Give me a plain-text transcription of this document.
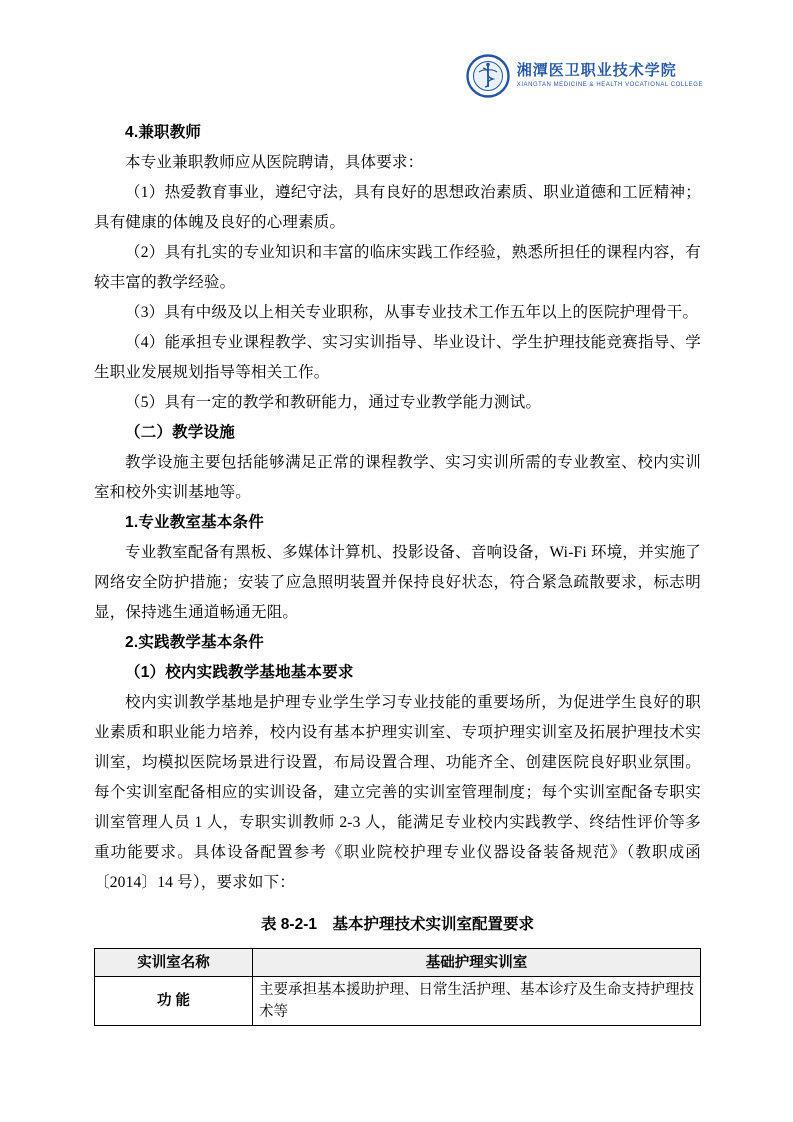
湘潭医卫职业技术学院
XIANGTAN MEDICINE & HEALTH VOCATIONAL COLLEGE

4.兼职教师

本专业兼职教师应从医院聘请，具体要求：

（1）热爱教育事业，遵纪守法，具有良好的思想政治素质、职业道德和工匠精神；具有健康的体魄及良好的心理素质。

（2）具有扎实的专业知识和丰富的临床实践工作经验，熟悉所担任的课程内容，有较丰富的教学经验。

（3）具有中级及以上相关专业职称，从事专业技术工作五年以上的医院护理骨干。

（4）能承担专业课程教学、实习实训指导、毕业设计、学生护理技能竞赛指导、学生职业发展规划指导等相关工作。

（5）具有一定的教学和教研能力，通过专业教学能力测试。

（二）教学设施

教学设施主要包括能够满足正常的课程教学、实习实训所需的专业教室、校内实训室和校外实训基地等。

1.专业教室基本条件

专业教室配备有黑板、多媒体计算机、投影设备、音响设备，Wi-Fi 环境，并实施了网络安全防护措施；安装了应急照明装置并保持良好状态，符合紧急疏散要求，标志明显，保持逃生通道畅通无阻。

2.实践教学基本条件

（1）校内实践教学基地基本要求

校内实训教学基地是护理专业学生学习专业技能的重要场所，为促进学生良好的职业素质和职业能力培养，校内设有基本护理实训室、专项护理实训室及拓展护理技术实训室，均模拟医院场景进行设置，布局设置合理、功能齐全、创建医院良好职业氛围。每个实训室配备相应的实训设备，建立完善的实训室管理制度；每个实训室配备专职实训室管理人员 1 人，专职实训教师 2-3 人，能满足专业校内实践教学、终结性评价等多重功能要求。具体设备配置参考《职业院校护理专业仪器设备装备规范》（教职成函〔2014〕14 号），要求如下：

表 8-2-1　基本护理技术实训室配置要求

实训室名称	基础护理实训室
功 能	主要承担基本援助护理、日常生活护理、基本诊疗及生命支持护理技术等
